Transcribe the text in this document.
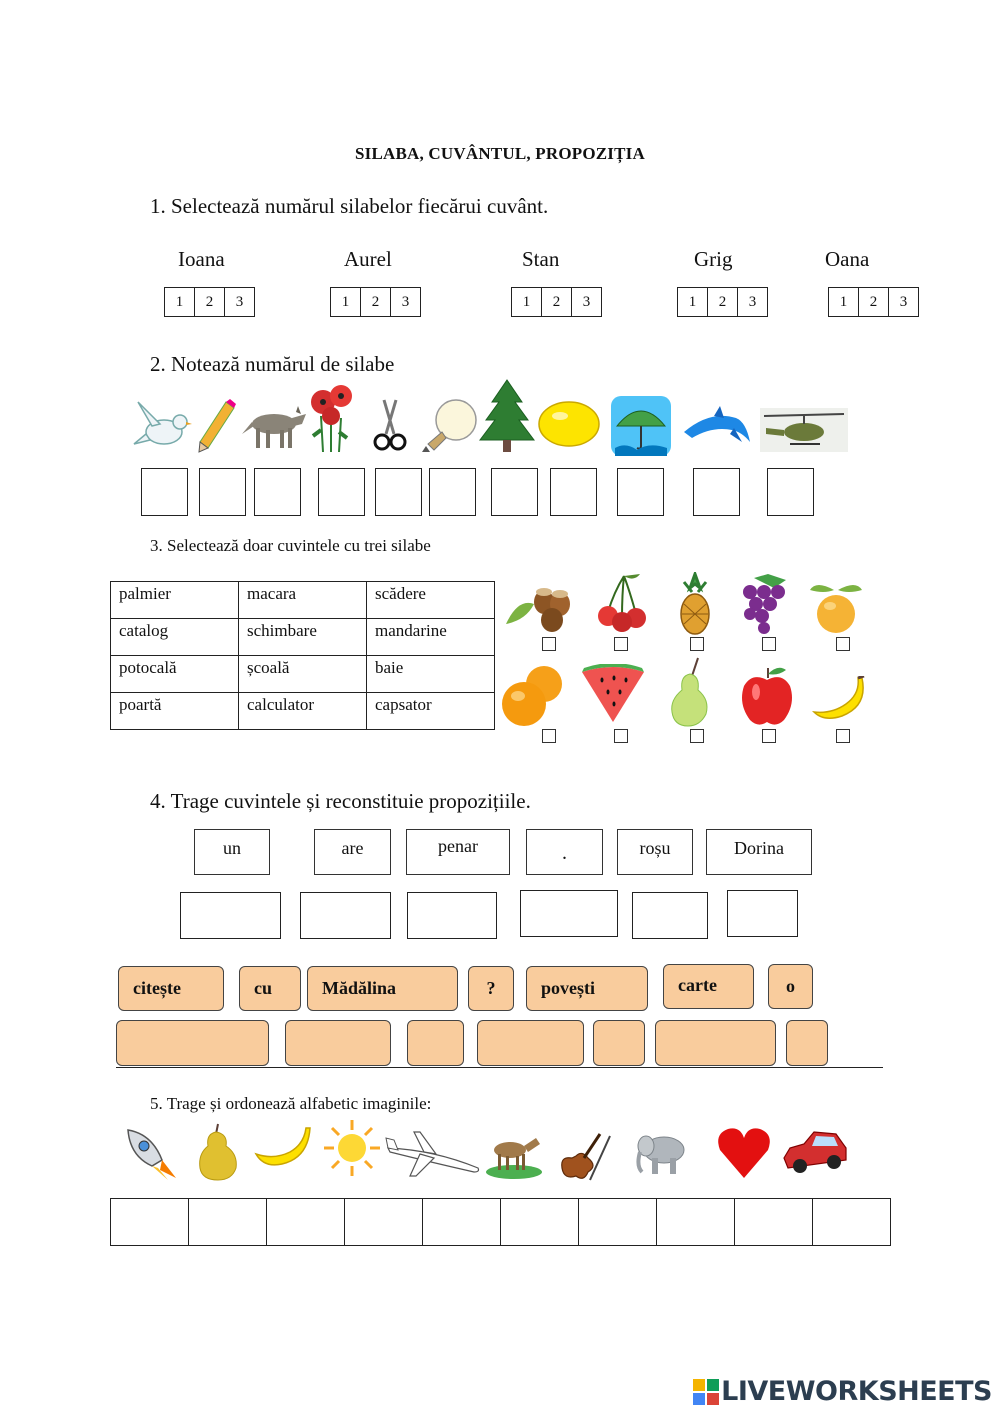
SILABA, CUVÂNTUL, PROPOZIȚIA
1. Selectează numărul silabelor fiecărui cuvânt.
Ioana	Aurel	Stan	Grig	Oana
1	2	3	1	2	3	1	2	3	1	2	3	1	2	3
2. Notează numărul de silabe
3. Selectează doar cuvintele cu trei silabe
palmier	macara	scădere
catalog	schimbare	mandarine
potocală	școală	baie
poartă	calculator	capsator
4. Trage cuvintele și reconstituie propozițiile.
un	are	penar	.	roșu	Dorina
citește	cu	Mădălina	?	povești	carte	o
5. Trage și ordonează alfabetic imaginile:
LIVEWORKSHEETS
